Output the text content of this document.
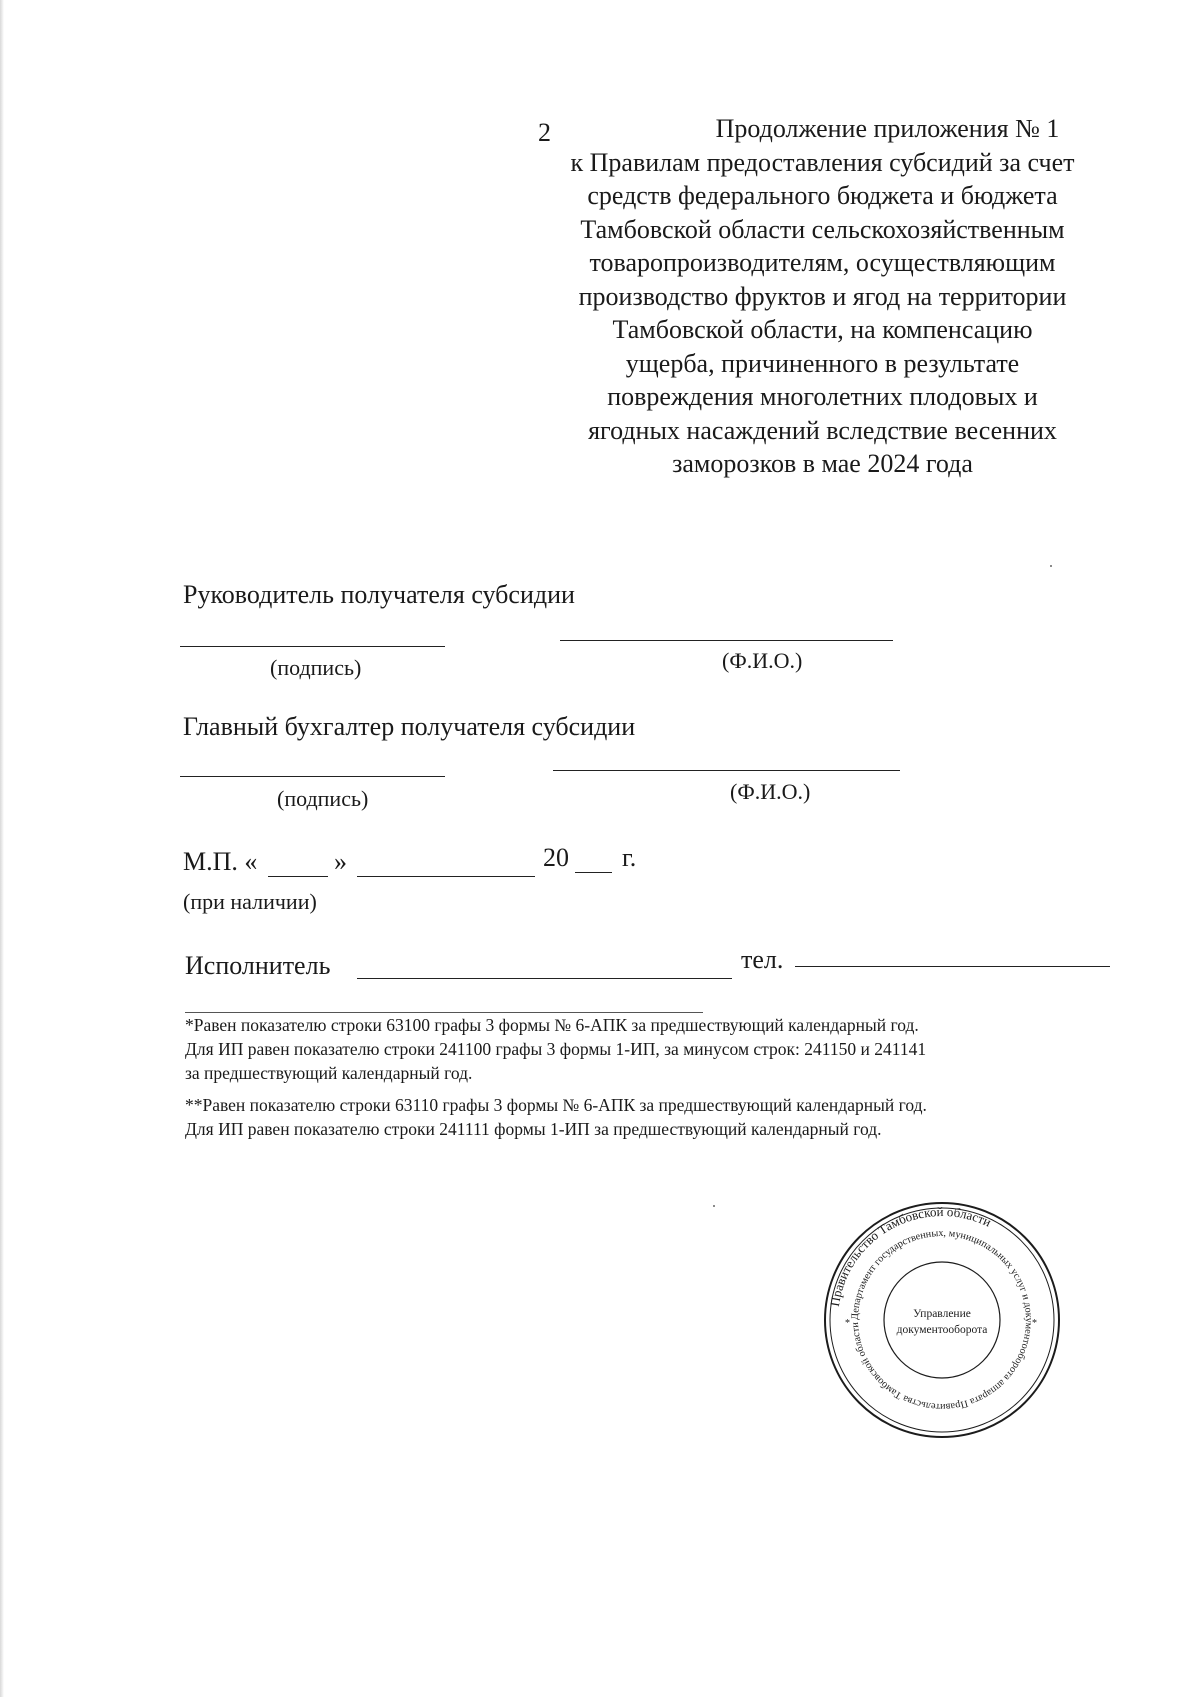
2	Продолжение приложения № 1
к Правилам предоставления субсидий за счет
средств федерального бюджета и бюджета
Тамбовской области сельскохозяйственным
товаропроизводителям, осуществляющим
производство фруктов и ягод на территории
Тамбовской области, на компенсацию
ущерба, причиненного в результате
повреждения многолетних плодовых и
ягодных насаждений вследствие весенних
заморозков в мае 2024 года
Руководитель получателя субсидии
(подпись)	(Ф.И.О.)
Главный бухгалтер получателя субсидии
(подпись)	(Ф.И.О.)
М.П. «	»	20 г.
(при наличии)
Исполнитель	тел.

*Равен показателю строки 63100 графы 3 формы № 6-АПК за предшествующий календарный год.
Для ИП равен показателю строки 241100 графы 3 формы 1-ИП, за минусом строк: 241150 и 241141
за предшествующий календарный год.

**Равен показателю строки 63110 графы 3 формы № 6-АПК за предшествующий календарный год.
Для ИП равен показателю строки 241111 формы 1-ИП за предшествующий календарный год.

Правительство Тамбовской области
Департамент государственных, муниципальных услуг и документооборота аппарата Правительства Тамбовской области
Управление
документооборота
*	*
